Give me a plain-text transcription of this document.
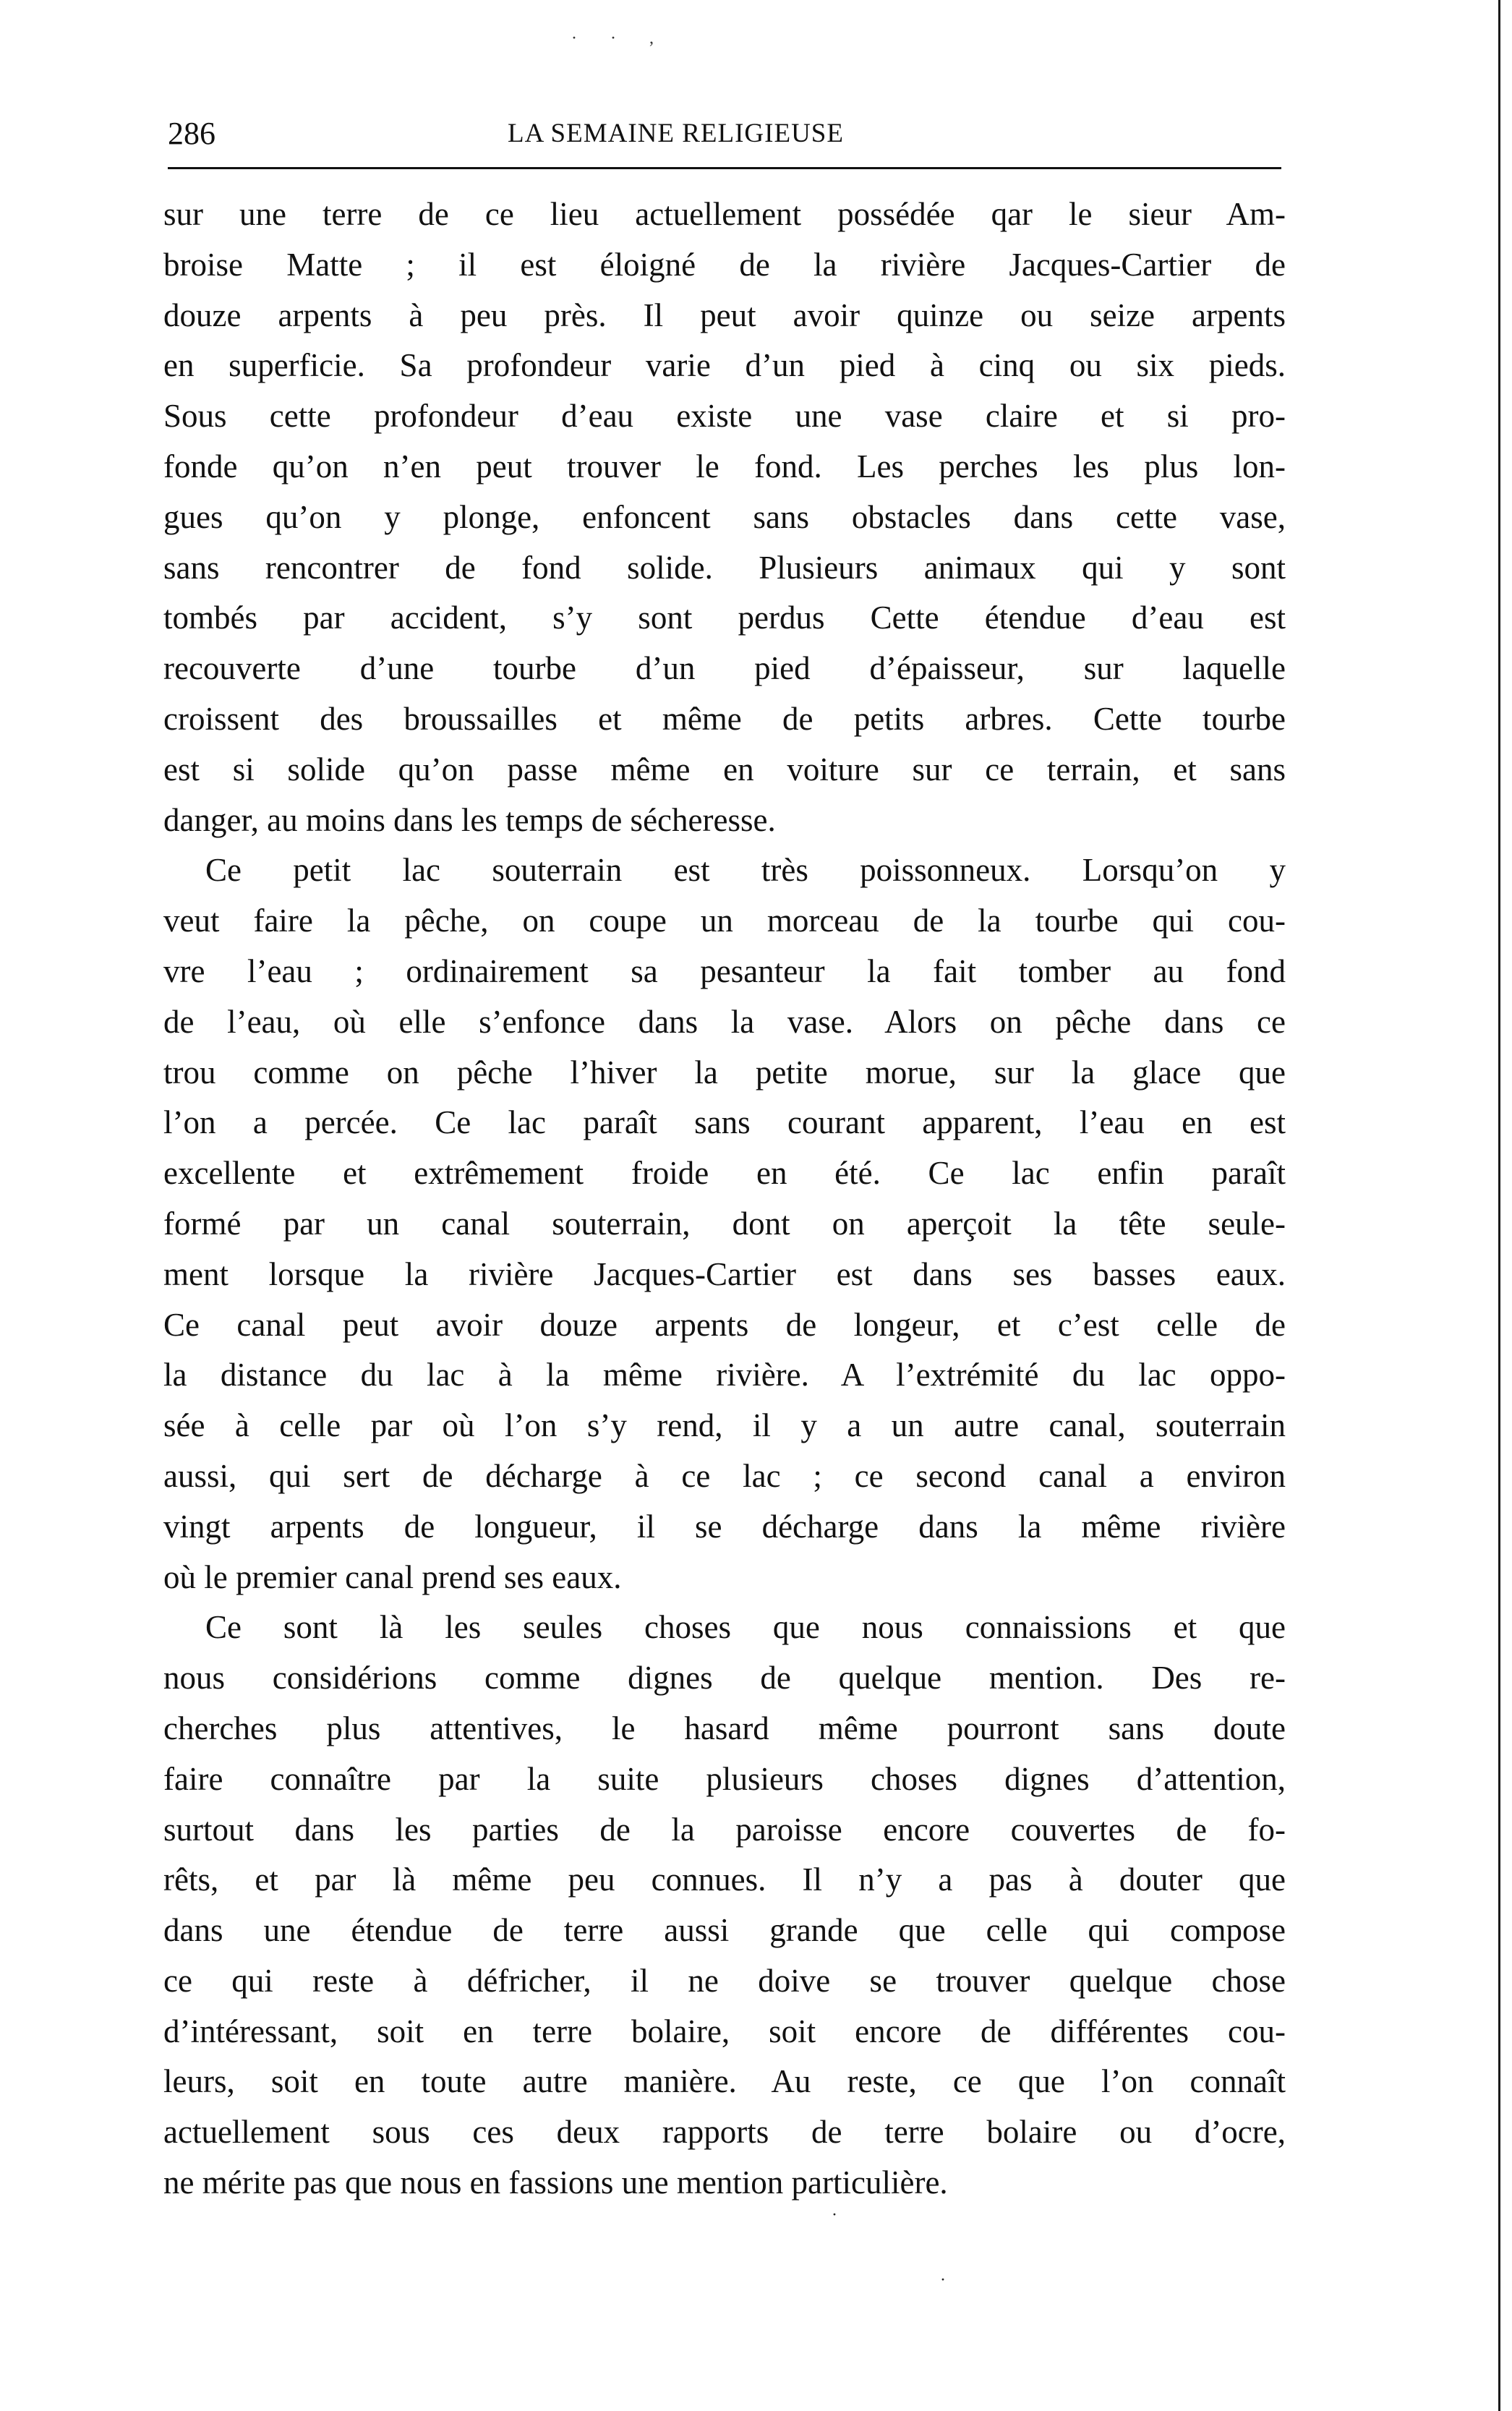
· · ,
286	LA SEMAINE RELIGIEUSE
sur une terre de ce lieu actuellement possédée qar le sieur Am-
broise Matte ; il est éloigné de la rivière Jacques-Cartier de
douze arpents à peu près. Il peut avoir quinze ou seize arpents
en superficie. Sa profondeur varie d’un pied à cinq ou six pieds.
Sous cette profondeur d’eau existe une vase claire et si pro-
fonde qu’on n’en peut trouver le fond. Les perches les plus lon-
gues qu’on y plonge, enfoncent sans obstacles dans cette vase,
sans rencontrer de fond solide. Plusieurs animaux qui y sont
tombés par accident, s’y sont perdus Cette étendue d’eau est
recouverte d’une tourbe d’un pied d’épaisseur, sur laquelle
croissent des broussailles et même de petits arbres. Cette tourbe
est si solide qu’on passe même en voiture sur ce terrain, et sans
danger, au moins dans les temps de sécheresse.
Ce petit lac souterrain est très poissonneux. Lorsqu’on y
veut faire la pêche, on coupe un morceau de la tourbe qui cou-
vre l’eau ; ordinairement sa pesanteur la fait tomber au fond
de l’eau, où elle s’enfonce dans la vase. Alors on pêche dans ce
trou comme on pêche l’hiver la petite morue, sur la glace que
l’on a percée. Ce lac paraît sans courant apparent, l’eau en est
excellente et extrêmement froide en été. Ce lac enfin paraît
formé par un canal souterrain, dont on aperçoit la tête seule-
ment lorsque la rivière Jacques-Cartier est dans ses basses eaux.
Ce canal peut avoir douze arpents de longeur, et c’est celle de
la distance du lac à la même rivière. A l’extrémité du lac oppo-
sée à celle par où l’on s’y rend, il y a un autre canal, souterrain
aussi, qui sert de décharge à ce lac ; ce second canal a environ
vingt arpents de longueur, il se décharge dans la même rivière
où le premier canal prend ses eaux.
Ce sont là les seules choses que nous connaissions et que
nous considérions comme dignes de quelque mention. Des re-
cherches plus attentives, le hasard même pourront sans doute
faire connaître par la suite plusieurs choses dignes d’attention,
surtout dans les parties de la paroisse encore couvertes de fo-
rêts, et par là même peu connues. Il n’y a pas à douter que
dans une étendue de terre aussi grande que celle qui compose
ce qui reste à défricher, il ne doive se trouver quelque chose
d’intéressant, soit en terre bolaire, soit encore de différentes cou-
leurs, soit en toute autre manière. Au reste, ce que l’on connaît
actuellement sous ces deux rapports de terre bolaire ou d’ocre,
ne mérite pas que nous en fassions une mention particulière.
·
·
